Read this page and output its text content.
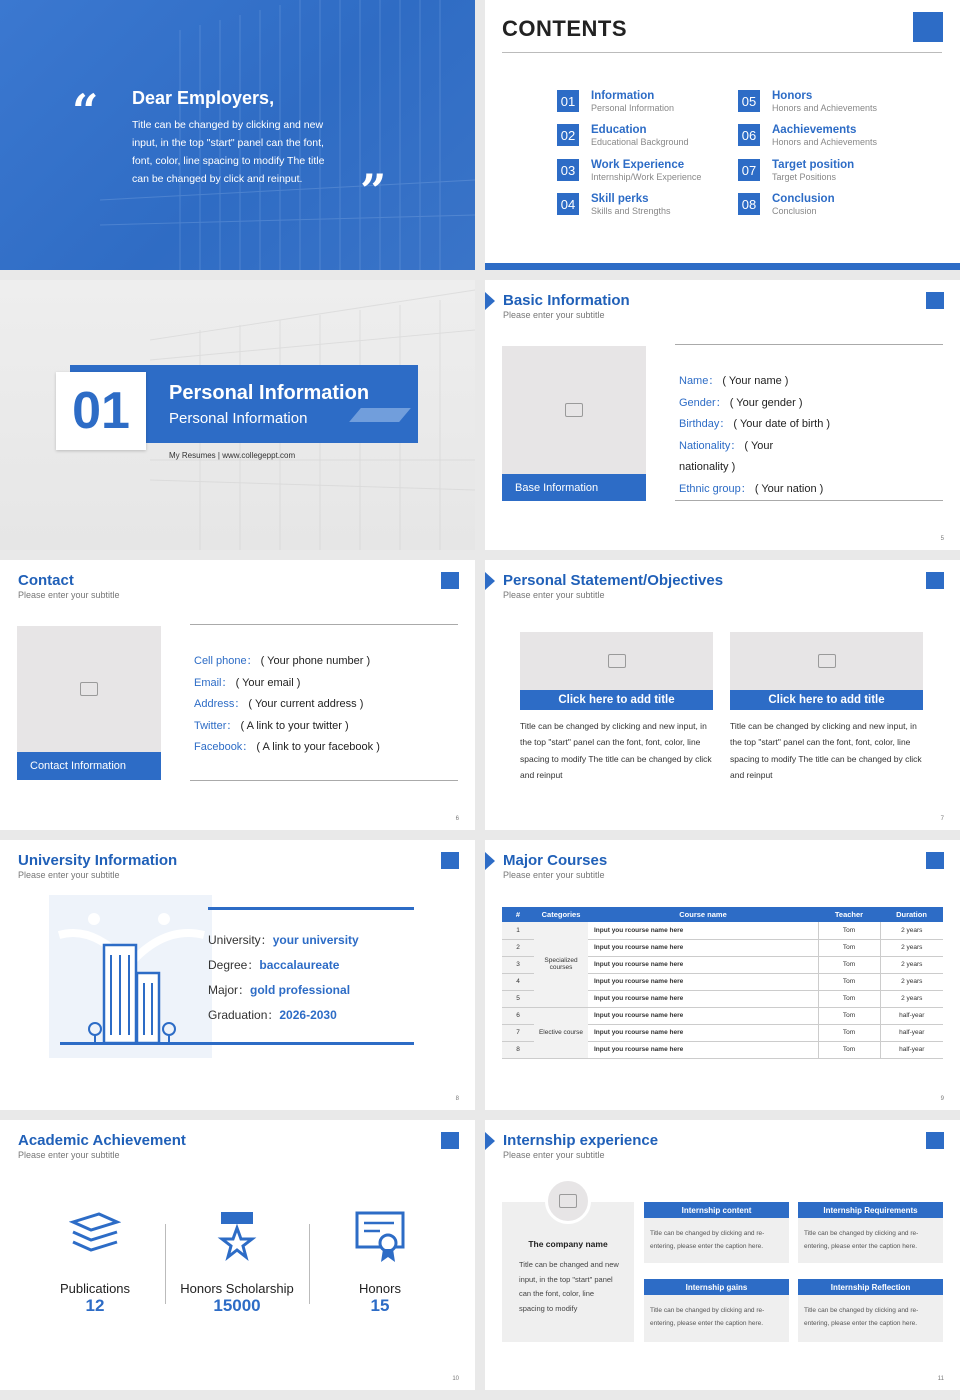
“ Dear Employers,
Title can be changed by clicking and new input, in the top "start" panel can the font, font, color, line spacing to modify The title can be changed by click and reinput.	”
CONTENTS
01	Information
Personal Information
02	Education
Educational Background
03	Work Experience
Internship/Work Experience
04	Skill perks
Skills and Strengths
05	Honors
Honors and Achievements
06	Aachievements
Honors and Achievements
07	Target position
Target Positions
08	Conclusion
Conclusion
01 Personal Information
Personal Information
My Resumes | www.collegeppt.com
Basic Information
Please enter your subtitle
Base Information
Name： ( Your name )
Gender： ( Your gender )
Birthday： ( Your date of birth )
Nationality： ( Your nationality )
Ethnic group： ( Your nation )
5
Contact
Please enter your subtitle
Contact Information
Cell phone： ( Your phone number )
Email： ( Your email )
Address： ( Your current address )
Twitter： ( A link to your twitter )
Facebook： ( A link to your facebook )
6
Personal Statement/Objectives
Please enter your subtitle
Click here to add title
Title can be changed by clicking and new input, in the top "start" panel can the font, font, color, line spacing to modify The title can be changed by click and reinput
Click here to add title
Title can be changed by clicking and new input, in the top "start" panel can the font, font, color, line spacing to modify The title can be changed by click and reinput
7
University Information
Please enter your subtitle
University：your university
Degree：baccalaureate
Major：gold professional
Graduation：2026-2030
8
Major Courses
Please enter your subtitle
#	Categories	Course name	Teacher	Duration
1	Specialized courses	Input you rcourse name here	Tom	2 years
2		Input you rcourse name here	Tom	2 years
3		Input you rcourse name here	Tom	2 years
4		Input you rcourse name here	Tom	2 years
5		Input you rcourse name here	Tom	2 years
6	Elective course	Input you rcourse name here	Tom	half-year
7		Input you rcourse name here	Tom	half-year
8		Input you rcourse name here	Tom	half-year
9
Academic Achievement
Please enter your subtitle
Publications
12
Honors Scholarship
15000
Honors
15
10
Internship experience
Please enter your subtitle
The company name
Title can be changed and new input, in the top "start" panel can the font, color, line spacing to modify
Internship content
Title can be changed by clicking and re-entering, please enter the caption here.
Internship Requirements
Title can be changed by clicking and re-entering, please enter the caption here.
Internship gains
Title can be changed by clicking and re-entering, please enter the caption here.
Internship Reflection
Title can be changed by clicking and re-entering, please enter the caption here.
11
